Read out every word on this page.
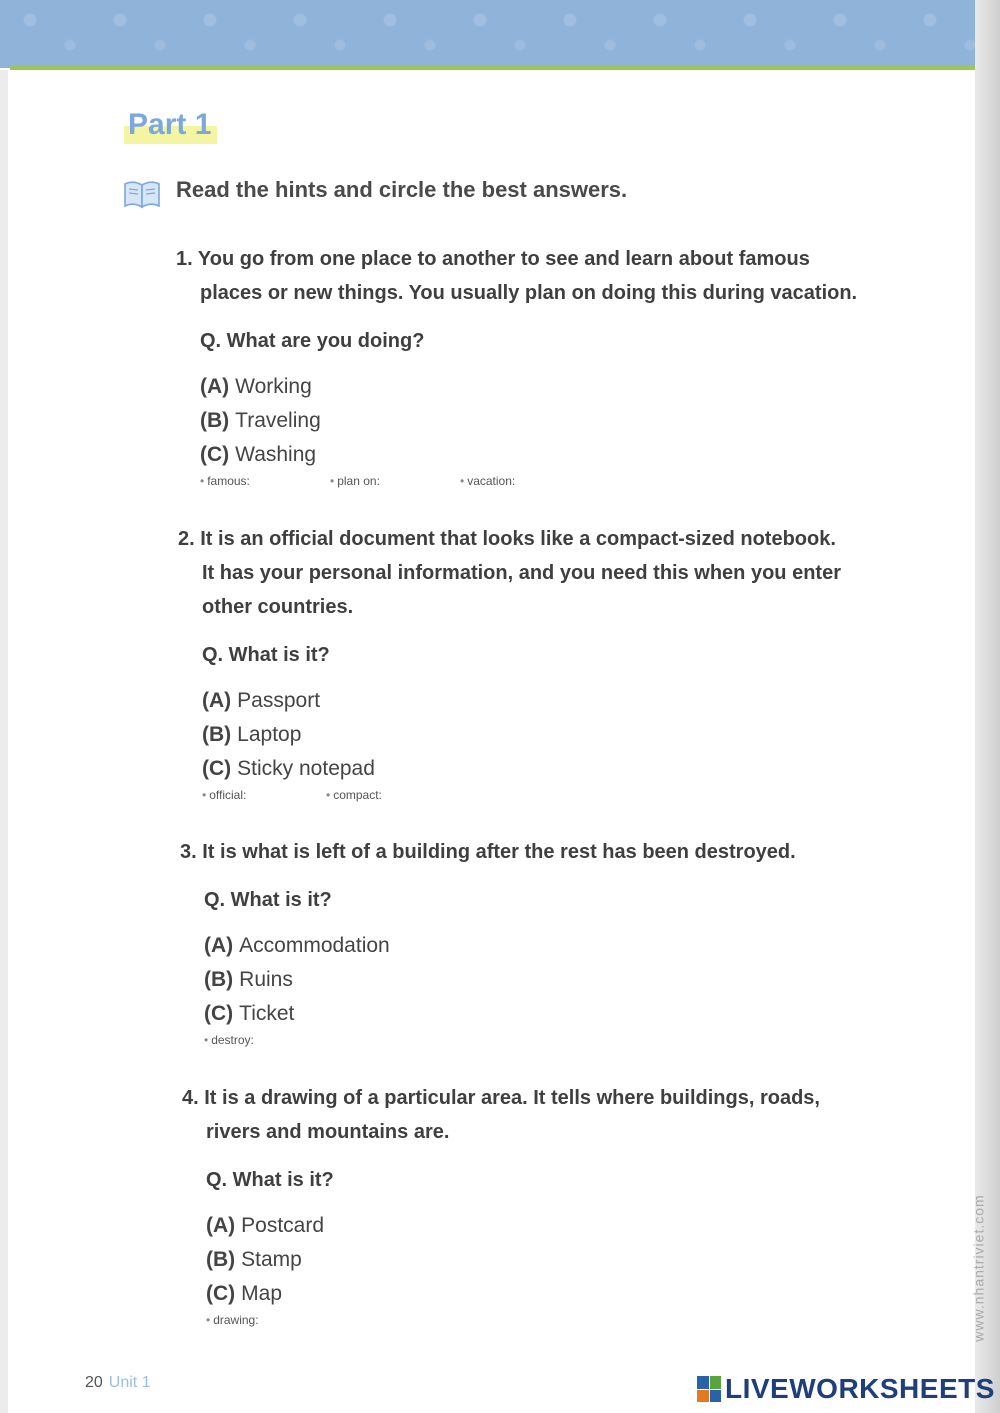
Part 1
Read the hints and circle the best answers.

1. You go from one place to another to see and learn about famous

places or new things. You usually plan on doing this during vacation.

Q. What are you doing?
(A) Working
(B) Traveling
(C) Washing
• famous:	• plan on:	• vacation:

2. It is an official document that looks like a compact-sized notebook.

It has your personal information, and you need this when you enter

other countries.

Q. What is it?
(A) Passport
(B) Laptop
(C) Sticky notepad
• official:	• compact:

3. It is what is left of a building after the rest has been destroyed.

Q. What is it?
(A) Accommodation
(B) Ruins
(C) Ticket
• destroy:

4. It is a drawing of a particular area. It tells where buildings, roads,

rivers and mountains are.

Q. What is it?
(A) Postcard
(B) Stamp
(C) Map
• drawing:
20 Unit 1
www.nhantriviet.com
LIVEWORKSHEETS
